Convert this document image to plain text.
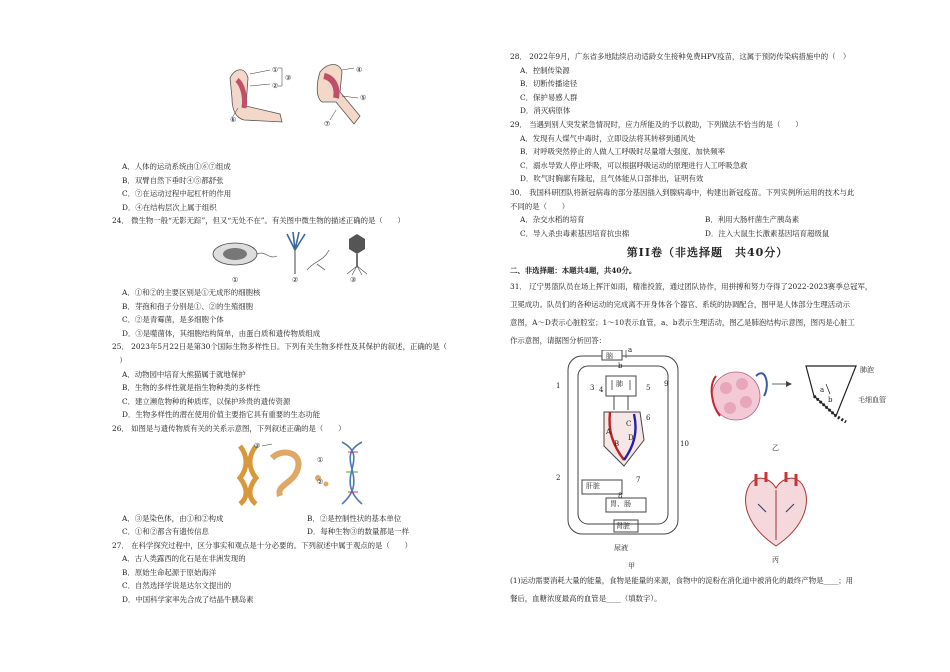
①
②
③
④
⑤
⑥	⑦
A．人体的运动系统由①⑥⑦组成
B．双臂自然下垂时④⑤都舒张
C．⑦在运动过程中起杠杆的作用
D．④在结构层次上属于组织
24． 微生物一般“无影无踪”，但又“无处不在”。有关图中微生物的描述正确的是（　　）
①	②	③
A．①和②的主要区别是①无成形的细胞核
B．芽孢和孢子分别是①、②的生殖细胞
C．②是青霉菌，是多细胞个体
D．③是噬菌体，其细胞结构简单，由蛋白质和遗传物质组成
25． 2023年5月22日是第30个国际生物多样性日。下列有关生物多样性及其保护的叙述，正确的是（
　）
A．动物园中培育大熊猫属于就地保护
B．生物的多样性就是指生物种类的多样性
C．建立濒危物种的种质库，以保护珍贵的遗传资源
D．生物多样性的潜在使用价值主要指它具有重要的生态功能
26． 如图是与遗传物质有关的关系示意图，下列叙述正确的是（　　）
③
①
②
A．③是染色体，由①和②构成	B．②是控制性状的基本单位
C．①和②都含有遗传信息	D．每种生物③的数量都是一样
27． 在科学探究过程中，区分事实和观点是十分必要的。下列叙述中属于观点的是（　　）
A．古人类露西的化石是在非洲发现的
B．原始生命起源于原始海洋
C．自然选择学说是达尔文提出的
D．中国科学家率先合成了结晶牛胰岛素
28． 2022年9月，广东省多地陆续启动适龄女生接种免费HPV疫苗，这属于预防传染病措施中的（　）
A．控制传染源
B．切断传播途径
C．保护易感人群
D．消灭病原体
29． 当遇到别人突发紧急情况时，应力所能及的予以救助，下列做法不恰当的是（　　）
A．发现有人煤气中毒时，立即设法将其转移到通风处
B．对呼吸突然停止的人做人工呼吸时尽量增大强度、加快频率
C．溺水导致人停止呼吸，可以根据呼吸运动的原理进行人工呼吸急救
D．吹气时胸廓有隆起，且气体能从口部排出，证明有效
30． 我国科研团队将新冠病毒的部分基因插入到腺病毒中，构建出新冠疫苗。下列实例所运用的技术与此
不同的是（　　）
A．杂交水稻的培育	B．利用大肠杆菌生产胰岛素
C．导入杀虫毒素基因培育抗虫棉	D．注入大鼠生长激素基因培育超级鼠
第II卷（非选择题　共40分）
二、非选择题：本题共4题，共40分。
31． 辽宁男篮队员在场上挥汗如雨，精准投篮，通过团队协作，用拼搏和努力夺得了2022-2023赛季总冠军，
卫冕成功。队员们的各种运动的完成离不开身体各个器官、系统的协调配合，图甲是人体部分生理活动示
意图，A～D表示心脏腔室；1～10表示血管，a、b表示生理活动，图乙是肺泡结构示意图，图丙是心脏工
作示意图，请据图分析回答：
脑
a
b
肺
1	3 4	5 9
6
A
B
C
D
10
2	7
肝脏
8
胃、肠
肾脏
尿液
甲
肺泡
毛细血管
a
b
乙
丙
(1)运动需要消耗大量的能量，食物是能量的来源，食物中的淀粉在消化道中被消化的最终产物是____；用
餐后，血糖浓度最高的血管是____（填数字）。
